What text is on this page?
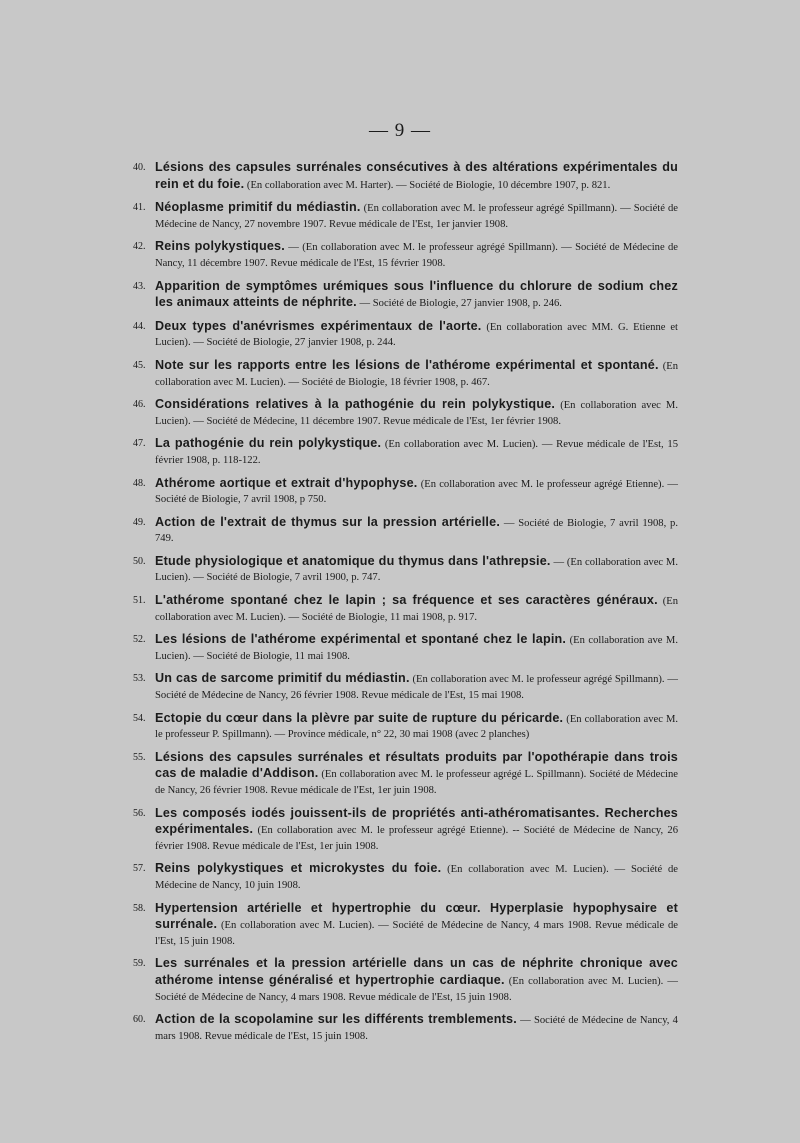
— 9 —
40. Lésions des capsules surrénales consécutives à des altérations expérimentales du rein et du foie. (En collaboration avec M. Harter). — Société de Biologie, 10 décembre 1907, p. 821.
41. Néoplasme primitif du médiastin. (En collaboration avec M. le professeur agrégé Spillmann). — Société de Médecine de Nancy, 27 novembre 1907. Revue médicale de l'Est, 1er janvier 1908.
42. Reins polykystiques. — (En collaboration avec M. le professeur agrégé Spillmann). — Société de Médecine de Nancy, 11 décembre 1907. Revue médicale de l'Est, 15 février 1908.
43. Apparition de symptômes urémiques sous l'influence du chlorure de sodium chez les animaux atteints de néphrite. — Société de Biologie, 27 janvier 1908, p. 246.
44. Deux types d'anévrismes expérimentaux de l'aorte. (En collaboration avec MM. G. Etienne et Lucien). — Société de Biologie, 27 janvier 1908, p. 244.
45. Note sur les rapports entre les lésions de l'athérome expérimental et spontané. (En collaboration avec M. Lucien). — Société de Biologie, 18 février 1908, p. 467.
46. Considérations relatives à la pathogénie du rein polykystique. (En collaboration avec M. Lucien). — Société de Médecine, 11 décembre 1907. Revue médicale de l'Est, 1er février 1908.
47. La pathogénie du rein polykystique. (En collaboration avec M. Lucien). — Revue médicale de l'Est, 15 février 1908, p. 118-122.
48. Athérome aortique et extrait d'hypophyse. (En collaboration avec M. le professeur agrégé Etienne). — Société de Biologie, 7 avril 1908, p 750.
49. Action de l'extrait de thymus sur la pression artérielle. — Société de Biologie, 7 avril 1908, p. 749.
50. Etude physiologique et anatomique du thymus dans l'athrepsie. — (En collaboration avec M. Lucien). — Société de Biologie, 7 avril 1900, p. 747.
51. L'athérome spontané chez le lapin ; sa fréquence et ses caractères généraux. (En collaboration avec M. Lucien). — Société de Biologie, 11 mai 1908, p. 917.
52. Les lésions de l'athérome expérimental et spontané chez le lapin. (En collaboration ave M. Lucien). — Société de Biologie, 11 mai 1908.
53. Un cas de sarcome primitif du médiastin. (En collaboration avec M. le professeur agrégé Spillmann). — Société de Médecine de Nancy, 26 février 1908. Revue médicale de l'Est, 15 mai 1908.
54. Ectopie du cœur dans la plèvre par suite de rupture du péricarde. (En collaboration avec M. le professeur P. Spillmann). — Province médicale, n° 22, 30 mai 1908 (avec 2 planches)
55. Lésions des capsules surrénales et résultats produits par l'opothérapie dans trois cas de maladie d'Addison. (En collaboration avec M. le professeur agrégé L. Spillmann). Société de Médecine de Nancy, 26 février 1908. Revue médicale de l'Est, 1er juin 1908.
56. Les composés iodés jouissent-ils de propriétés anti-athéromatisantes. Recherches expérimentales. (En collaboration avec M. le professeur agrégé Etienne). -- Société de Médecine de Nancy, 26 février 1908. Revue médicale de l'Est, 1er juin 1908.
57. Reins polykystiques et microkystes du foie. (En collaboration avec M. Lucien). — Société de Médecine de Nancy, 10 juin 1908.
58. Hypertension artérielle et hypertrophie du cœur. Hyperplasie hypophysaire et surrénale. (En collaboration avec M. Lucien). — Société de Médecine de Nancy, 4 mars 1908. Revue médicale de l'Est, 15 juin 1908.
59. Les surrénales et la pression artérielle dans un cas de néphrite chronique avec athérome intense généralisé et hypertrophie cardiaque. (En collaboration avec M. Lucien). — Société de Médecine de Nancy, 4 mars 1908. Revue médicale de l'Est, 15 juin 1908.
60. Action de la scopolamine sur les différents tremblements. — Société de Médecine de Nancy, 4 mars 1908. Revue médicale de l'Est, 15 juin 1908.
